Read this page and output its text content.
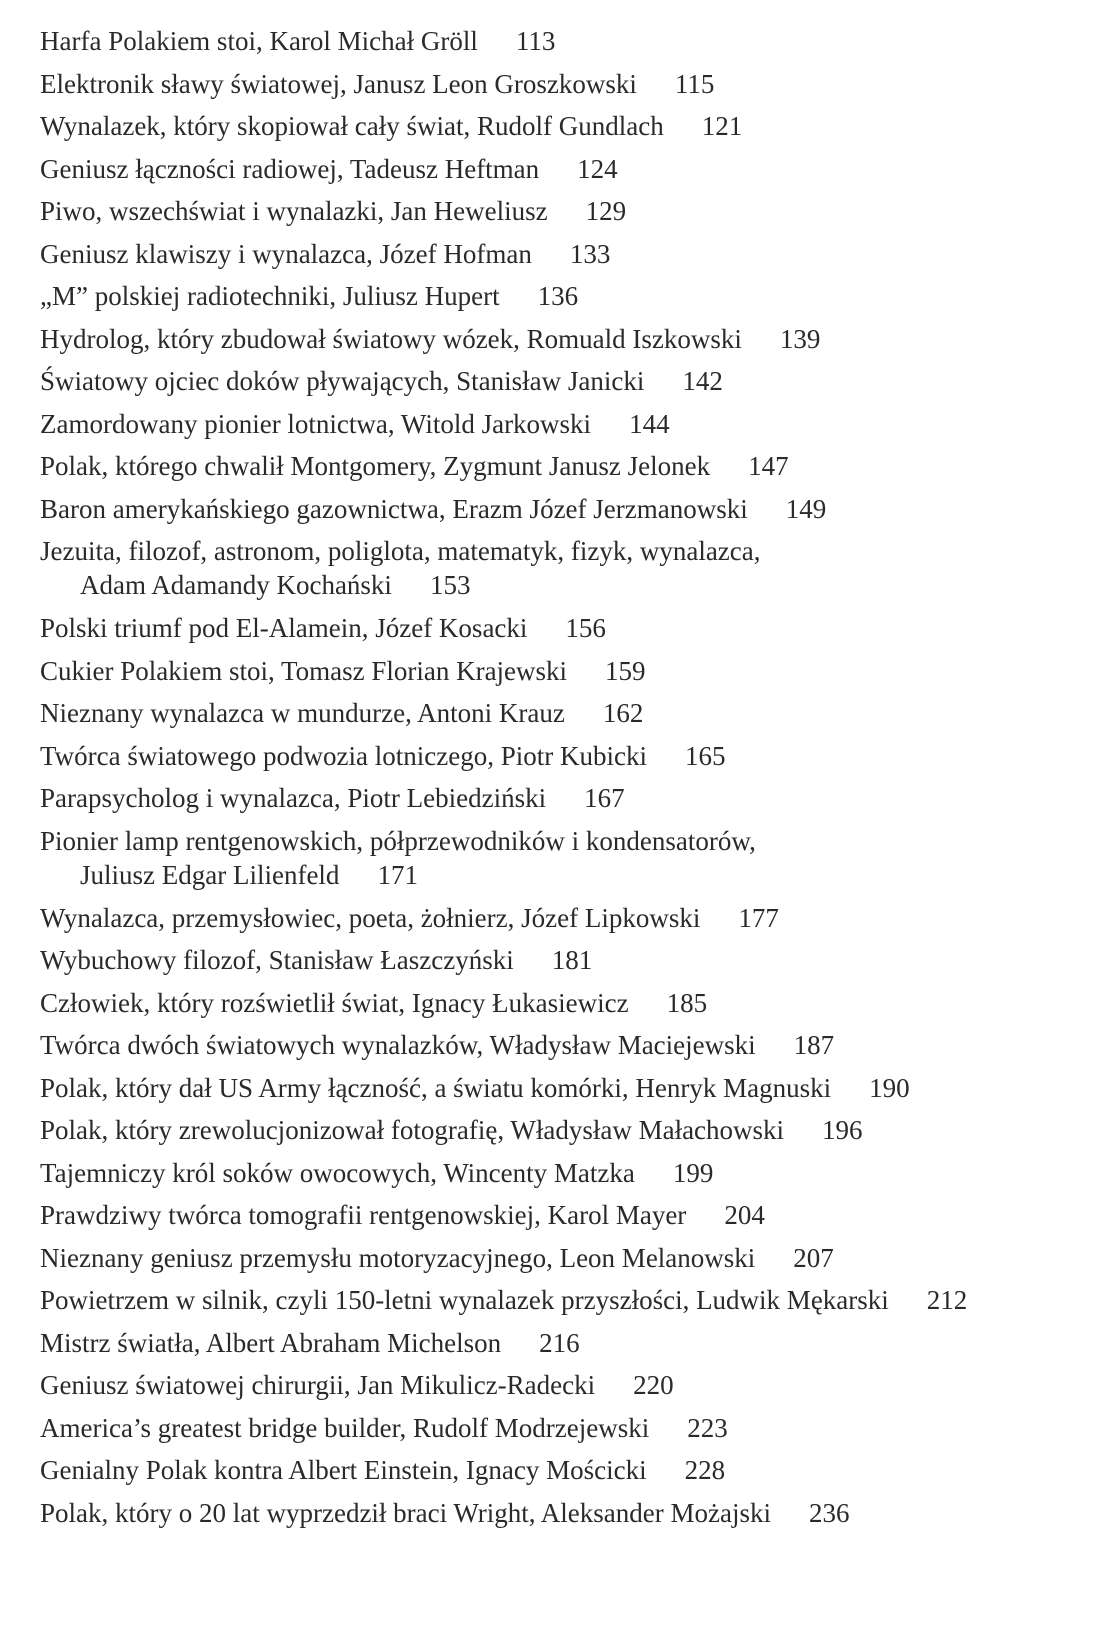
Harfa Polakiem stoi, Karol Michał Gröll 113
Elektronik sławy światowej, Janusz Leon Groszkowski 115
Wynalazek, który skopiował cały świat, Rudolf Gundlach 121
Geniusz łączności radiowej, Tadeusz Heftman 124
Piwo, wszechświat i wynalazki, Jan Heweliusz 129
Geniusz klawiszy i wynalazca, Józef Hofman 133
„M” polskiej radiotechniki, Juliusz Hupert 136
Hydrolog, który zbudował światowy wózek, Romuald Iszkowski 139
Światowy ojciec doków pływających, Stanisław Janicki 142
Zamordowany pionier lotnictwa, Witold Jarkowski 144
Polak, którego chwalił Montgomery, Zygmunt Janusz Jelonek 147
Baron amerykańskiego gazownictwa, Erazm Józef Jerzmanowski 149
Jezuita, filozof, astronom, poliglota, matematyk, fizyk, wynalazca,
Adam Adamandy Kochański 153
Polski triumf pod El-Alamein, Józef Kosacki 156
Cukier Polakiem stoi, Tomasz Florian Krajewski 159
Nieznany wynalazca w mundurze, Antoni Krauz 162
Twórca światowego podwozia lotniczego, Piotr Kubicki 165
Parapsycholog i wynalazca, Piotr Lebiedziński 167
Pionier lamp rentgenowskich, półprzewodników i kondensatorów,
Juliusz Edgar Lilienfeld 171
Wynalazca, przemysłowiec, poeta, żołnierz, Józef Lipkowski 177
Wybuchowy filozof, Stanisław Łaszczyński 181
Człowiek, który rozświetlił świat, Ignacy Łukasiewicz 185
Twórca dwóch światowych wynalazków, Władysław Maciejewski 187
Polak, który dał US Army łączność, a światu komórki, Henryk Magnuski 190
Polak, który zrewolucjonizował fotografię, Władysław Małachowski 196
Tajemniczy król soków owocowych, Wincenty Matzka 199
Prawdziwy twórca tomografii rentgenowskiej, Karol Mayer 204
Nieznany geniusz przemysłu motoryzacyjnego, Leon Melanowski 207
Powietrzem w silnik, czyli 150-letni wynalazek przyszłości, Ludwik Mękarski 212
Mistrz światła, Albert Abraham Michelson 216
Geniusz światowej chirurgii, Jan Mikulicz-Radecki 220
America’s greatest bridge builder, Rudolf Modrzejewski 223
Genialny Polak kontra Albert Einstein, Ignacy Mościcki 228
Polak, który o 20 lat wyprzedził braci Wright, Aleksander Możajski 236
